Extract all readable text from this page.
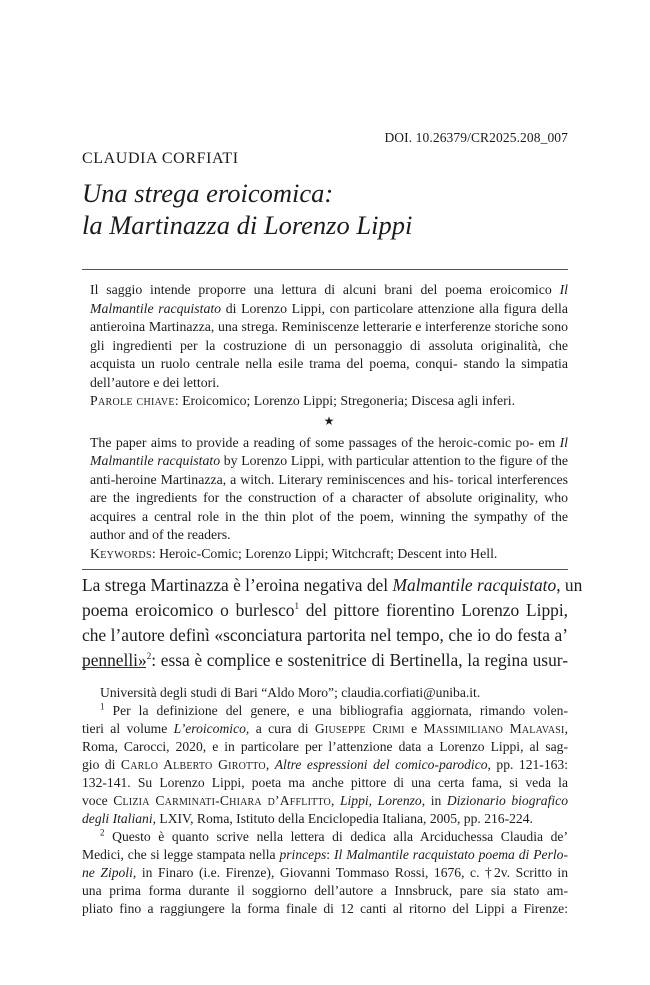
DOI. 10.26379/CR2025.208_007
CLAUDIA CORFIATI
Una strega eroicomica:
la Martinazza di Lorenzo Lippi

Il saggio intende proporre una lettura di alcuni brani del poema eroicomico Il Malmantile racquistato di Lorenzo Lippi, con particolare attenzione alla figura della antieroina Martinazza, una strega. Reminiscenze letterarie e interferenze storiche sono gli ingredienti per la costruzione di un personaggio di assoluta originalità, che acquista un ruolo centrale nella esile trama del poema, conqui- stando la simpatia dell’autore e dei lettori.
Parole chiave: Eroicomico; Lorenzo Lippi; Stregoneria; Discesa agli inferi.

★

The paper aims to provide a reading of some passages of the heroic-comic po- em Il Malmantile racquistato by Lorenzo Lippi, with particular attention to the figure of the anti-heroine Martinazza, a witch. Literary reminiscences and his- torical interferences are the ingredients for the construction of a character of absolute originality, who acquires a central role in the thin plot of the poem, winning the sympathy of the author and of the readers.
Keywords: Heroic-Comic; Lorenzo Lippi; Witchcraft; Descent into Hell.

La strega Martinazza è l’eroina negativa del Malmantile racquistato, un
poema eroicomico o burlesco$^1$ del pittore fiorentino Lorenzo Lippi,
che l’autore definì «sconciatura partorita nel tempo, che io do festa a’
pennelli»$^2$: essa è complice e sostenitrice di Bertinella, la regina usur-
Università degli studi di Bari “Aldo Moro”; claudia.corfiati@uniba.it.
$^1$ Per la definizione del genere, e una bibliografia aggiornata, rimando volen-
tieri al volume L’eroicomico, a cura di Giuseppe Crimi e Massimiliano Malavasi,
Roma, Carocci, 2020, e in particolare per l’attenzione data a Lorenzo Lippi, al sag-
gio di Carlo Alberto Girotto, Altre espressioni del comico-parodico, pp. 121-163:
132-141. Su Lorenzo Lippi, poeta ma anche pittore di una certa fama, si veda la
voce Clizia Carminati-Chiara d’Afflitto, Lippi, Lorenzo, in Dizionario biografico
degli Italiani, LXIV, Roma, Istituto della Enciclopedia Italiana, 2005, pp. 216-224.
$^2$ Questo è quanto scrive nella lettera di dedica alla Arciduchessa Claudia de’
Medici, che si legge stampata nella princeps: Il Malmantile racquistato poema di Perlo-
ne Zipoli, in Finaro (i.e. Firenze), Giovanni Tommaso Rossi, 1676, c. †2v. Scritto in
una prima forma durante il soggiorno dell’autore a Innsbruck, pare sia stato am-
pliato fino a raggiungere la forma finale di 12 canti al ritorno del Lippi a Firenze:
